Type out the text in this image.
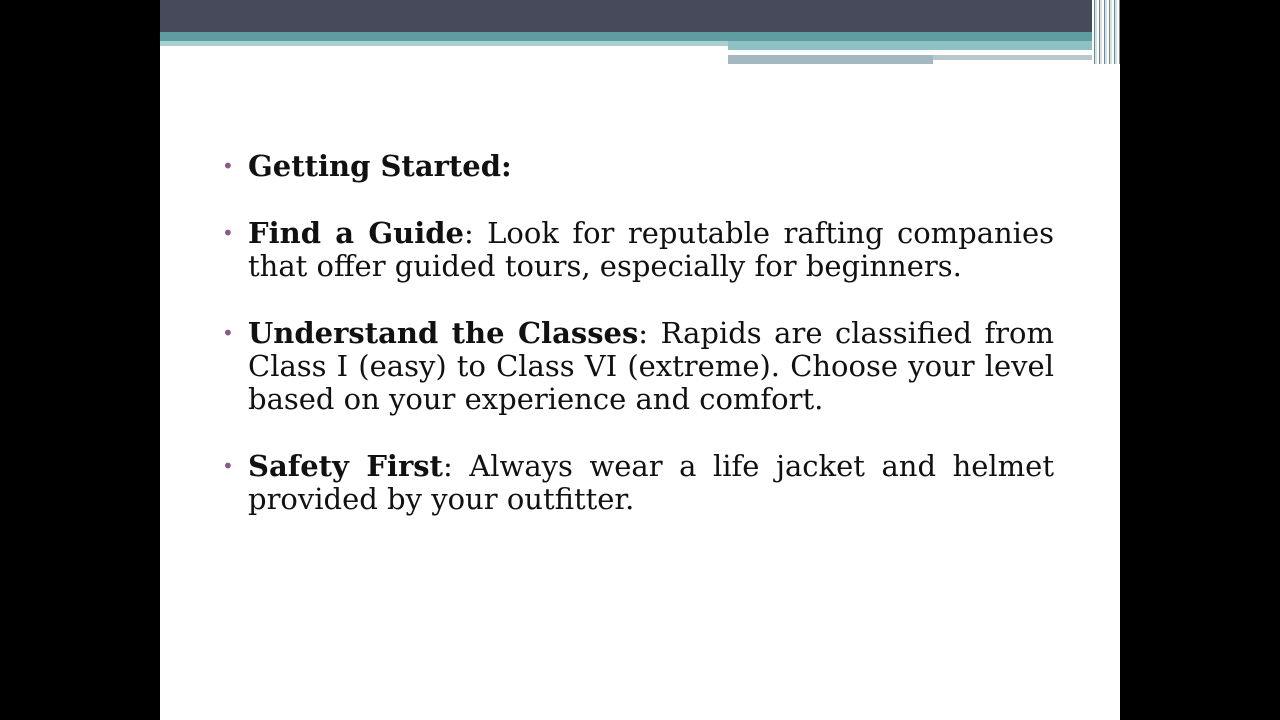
• Getting Started:
• Find a Guide: Look for reputable rafting companies that offer guided tours, especially for beginners.
• Understand the Classes: Rapids are classified from Class I (easy) to Class VI (extreme). Choose your level based on your experience and comfort.
• Safety First: Always wear a life jacket and helmet provided by your outfitter.
